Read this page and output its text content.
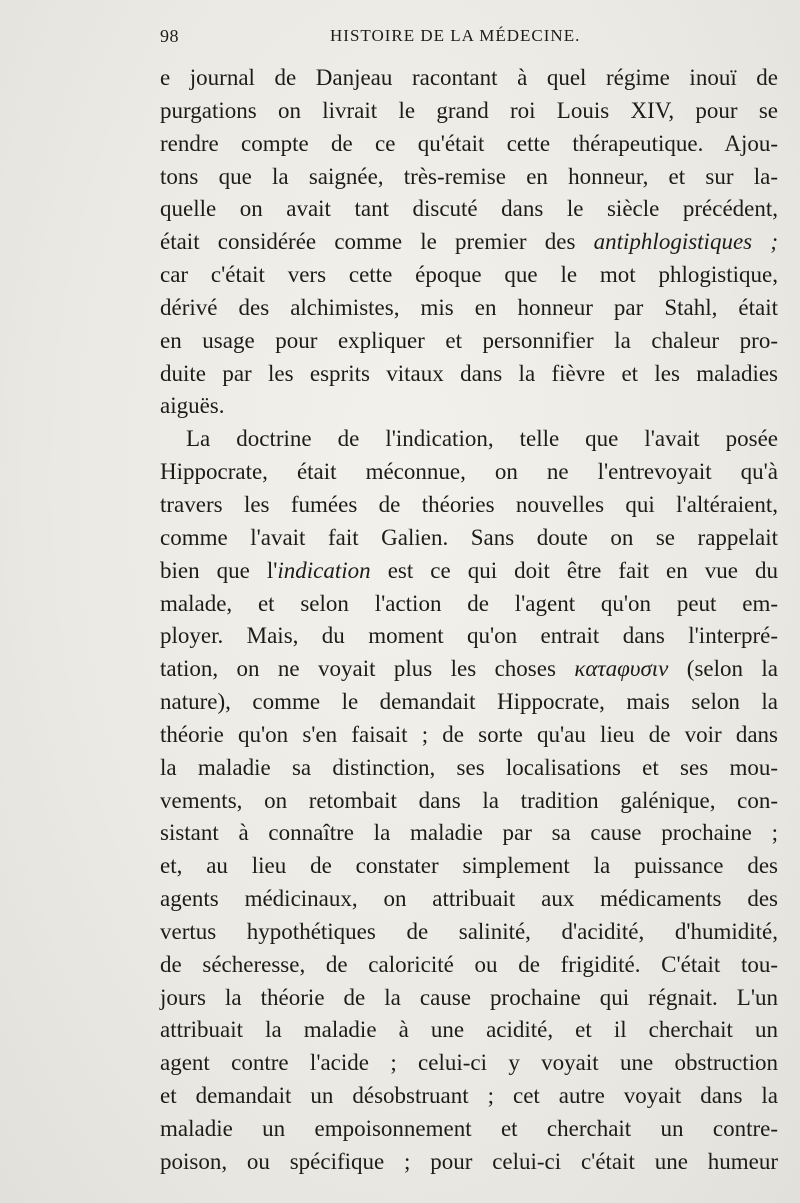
98	HISTOIRE DE LA MÉDECINE.
e journal de Danjeau racontant à quel régime inouï de
purgations on livrait le grand roi Louis XIV, pour se
rendre compte de ce qu'était cette thérapeutique. Ajou-
tons que la saignée, très-remise en honneur, et sur la-
quelle on avait tant discuté dans le siècle précédent,
était considérée comme le premier des antiphlogistiques ;
car c'était vers cette époque que le mot phlogistique,
dérivé des alchimistes, mis en honneur par Stahl, était
en usage pour expliquer et personnifier la chaleur pro-
duite par les esprits vitaux dans la fièvre et les maladies
aiguës.
La doctrine de l'indication, telle que l'avait posée
Hippocrate, était méconnue, on ne l'entrevoyait qu'à
travers les fumées de théories nouvelles qui l'altéraient,
comme l'avait fait Galien. Sans doute on se rappelait
bien que l'indication est ce qui doit être fait en vue du
malade, et selon l'action de l'agent qu'on peut em-
ployer. Mais, du moment qu'on entrait dans l'interpré-
tation, on ne voyait plus les choses κατaφυσιν (selon la
nature), comme le demandait Hippocrate, mais selon la
théorie qu'on s'en faisait ; de sorte qu'au lieu de voir dans
la maladie sa distinction, ses localisations et ses mou-
vements, on retombait dans la tradition galénique, con-
sistant à connaître la maladie par sa cause prochaine ;
et, au lieu de constater simplement la puissance des
agents médicinaux, on attribuait aux médicaments des
vertus hypothétiques de salinité, d'acidité, d'humidité,
de sécheresse, de caloricité ou de frigidité. C'était tou-
jours la théorie de la cause prochaine qui régnait. L'un
attribuait la maladie à une acidité, et il cherchait un
agent contre l'acide ; celui-ci y voyait une obstruction
et demandait un désobstruant ; cet autre voyait dans la
maladie un empoisonnement et cherchait un contre-
poison, ou spécifique ; pour celui-ci c'était une humeur
